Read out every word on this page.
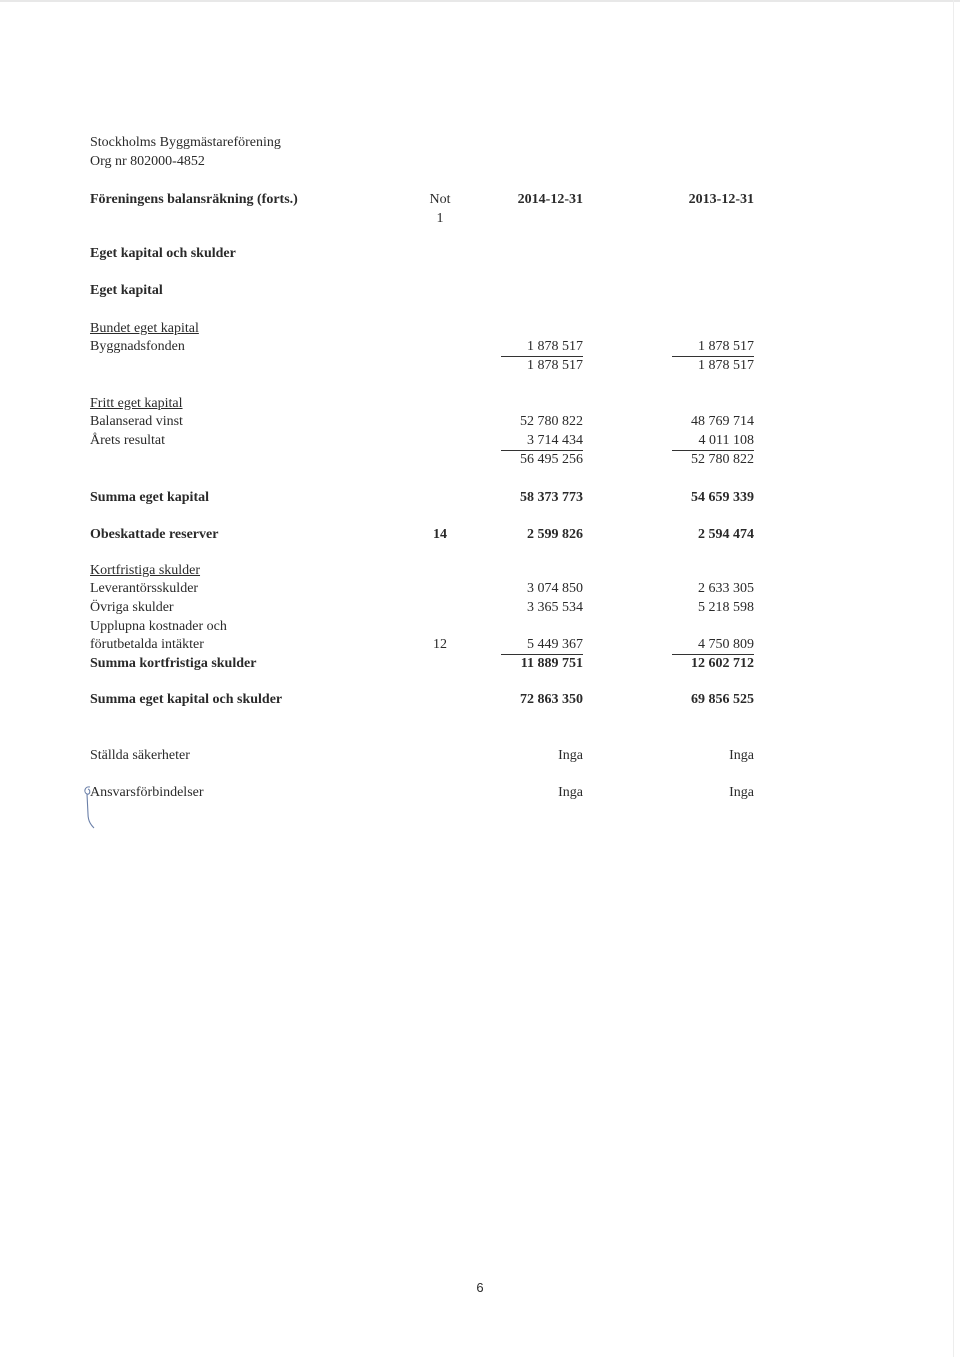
Stockholms Byggmästareförening
Org nr 802000-4852
Föreningens balansräkning (forts.)	Not
1
2014-12-31	2013-12-31
Eget kapital och skulder
Eget kapital
Bundet eget kapital
Byggnadsfonden	1 878 517	1 878 517
1 878 517	1 878 517
Fritt eget kapital
Balanserad vinst	52 780 822	48 769 714
Årets resultat	3 714 434	4 011 108
56 495 256	52 780 822
Summa eget kapital	58 373 773	54 659 339
Obeskattade reserver	14	2 599 826	2 594 474
Kortfristiga skulder
Leverantörsskulder	3 074 850	2 633 305
Övriga skulder	3 365 534	5 218 598
Upplupna kostnader och
förutbetalda intäkter	12	5 449 367	4 750 809
Summa kortfristiga skulder	11 889 751	12 602 712
Summa eget kapital och skulder	72 863 350	69 856 525
Ställda säkerheter	Inga	Inga
Ansvarsförbindelser	Inga	Inga
6
